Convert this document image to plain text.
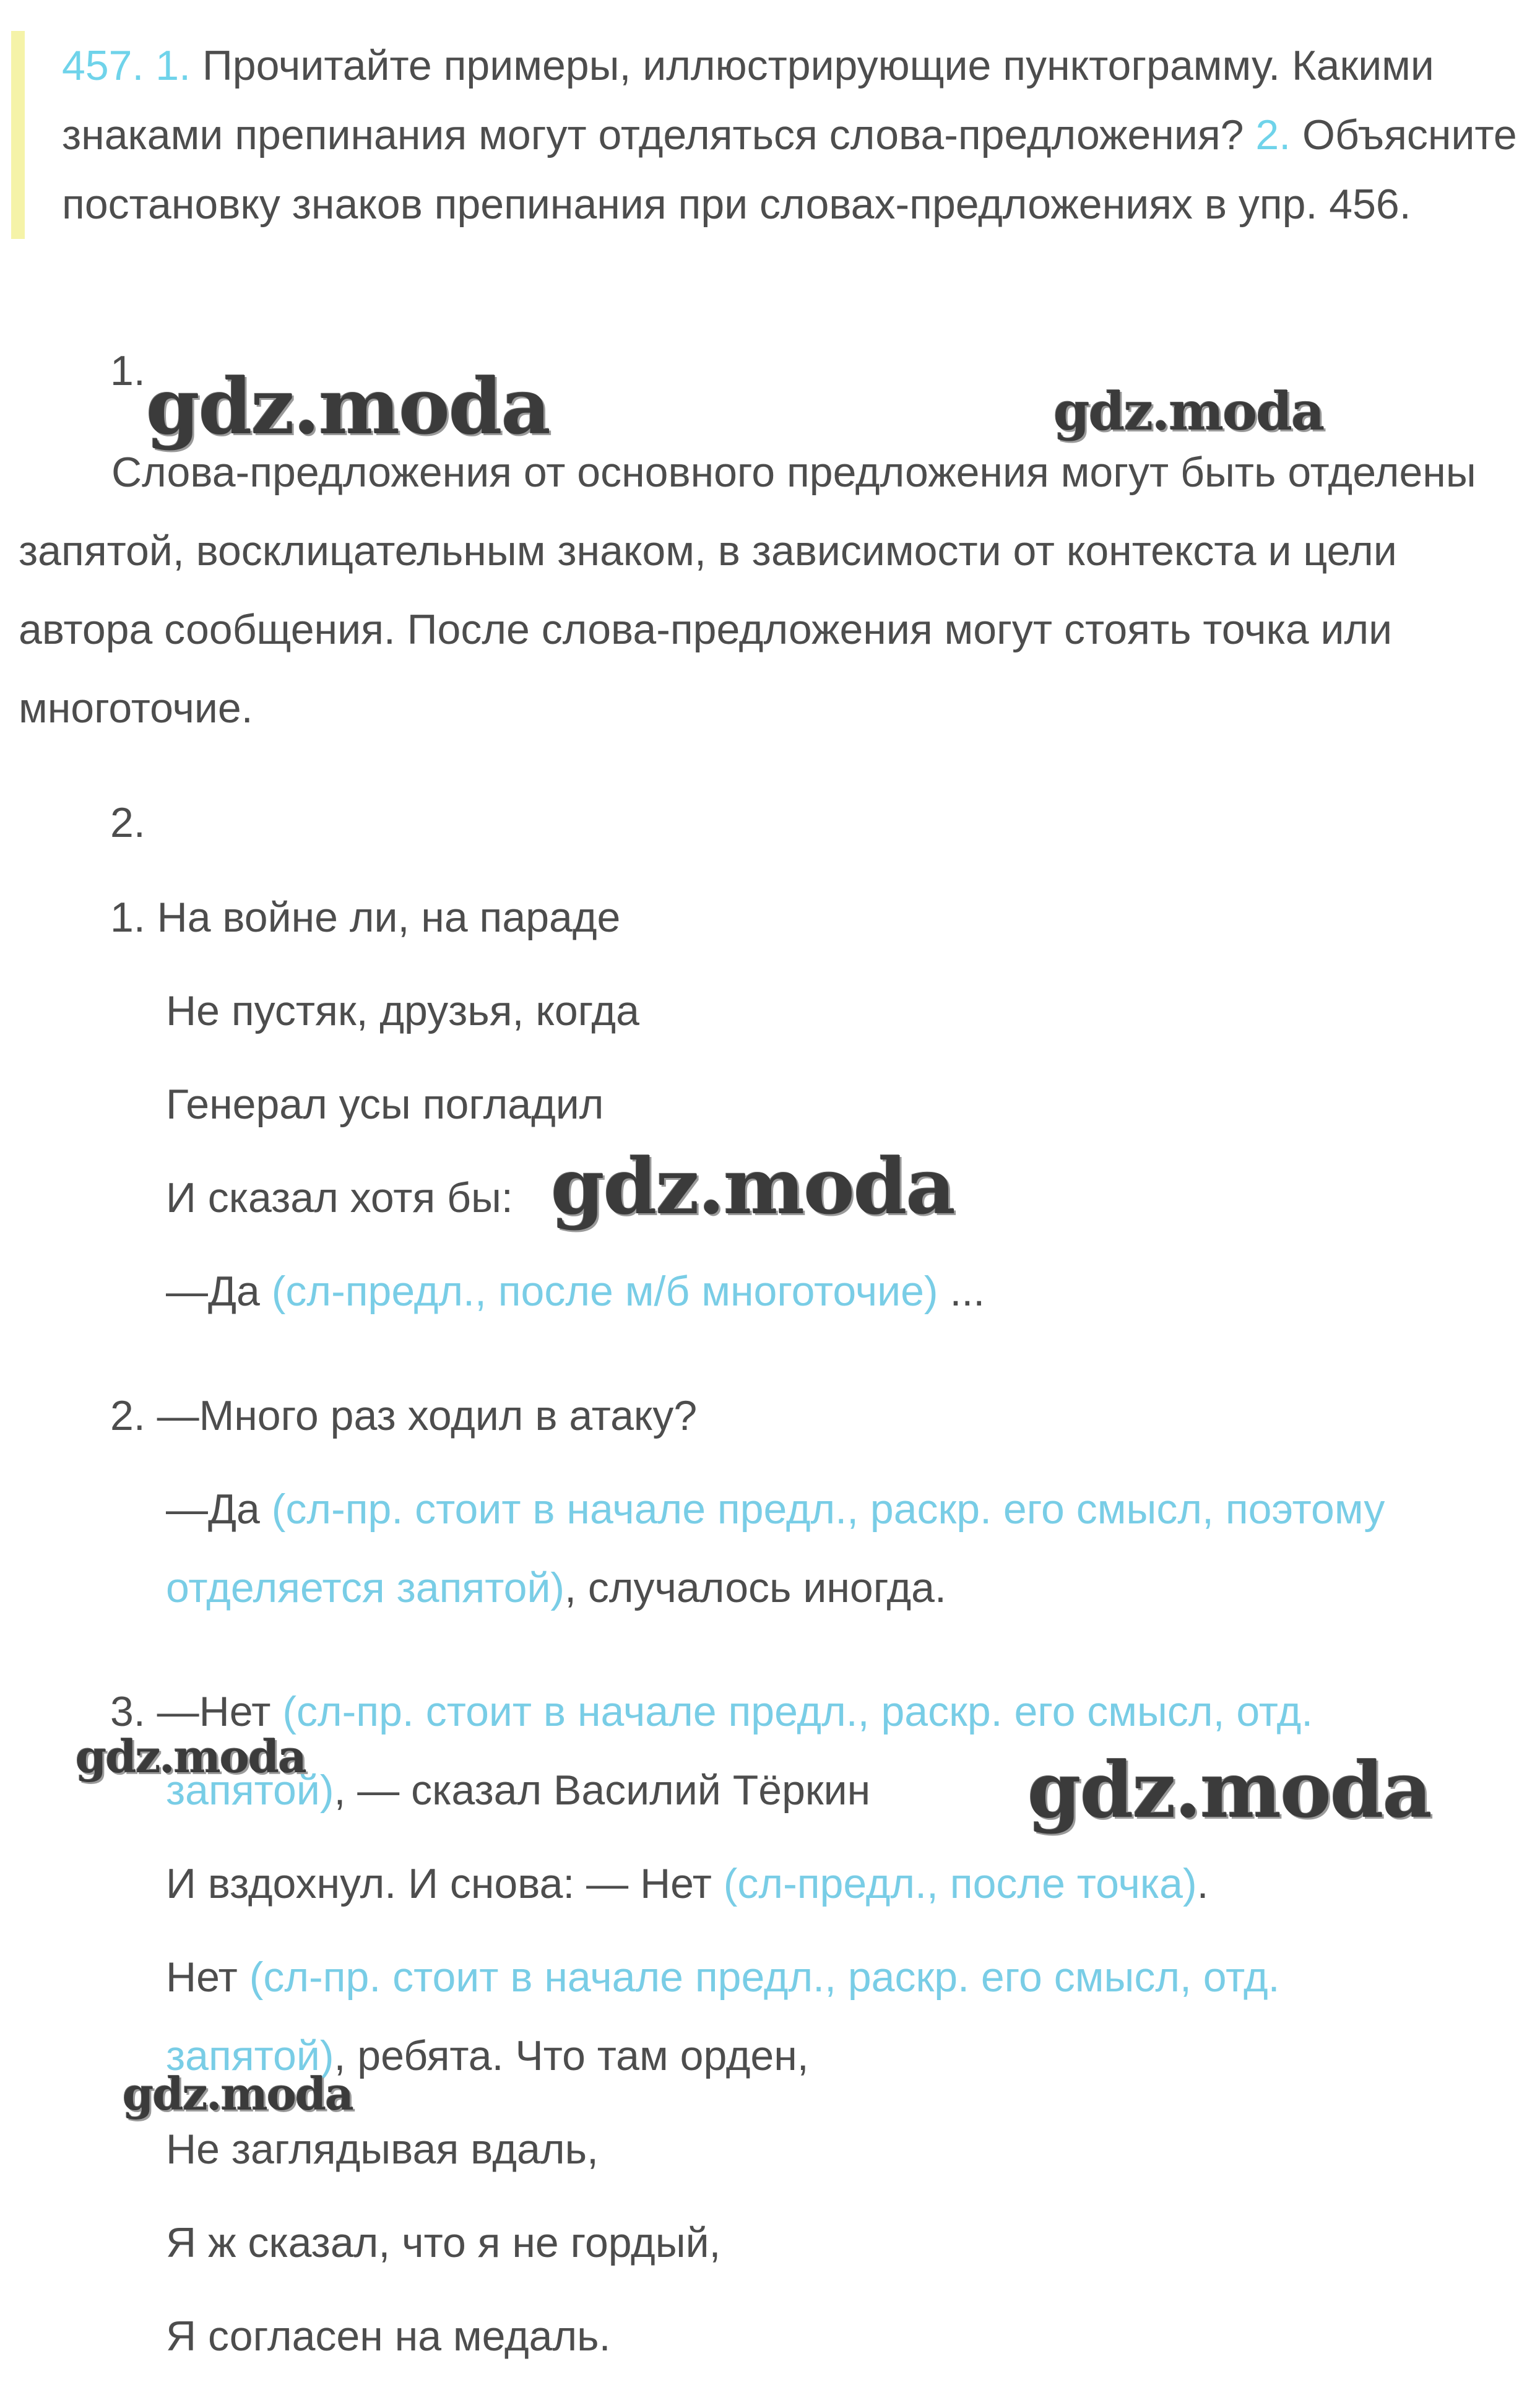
457. 1. Прочитайте примеры, иллюстрирующие пунктограмму. Какими знаками препинания могут отделяться слова-предложения? 2. Объясните постановку знаков препинания при словах-предложениях в упр. 456.
1.
Слова-предложения от основного предложения могут быть отделены запятой, восклицательным знаком, в зависимости от контекста и цели автора сообщения. После слова-предложения могут стоять точка или многоточие.
2.
1. На войне ли, на параде
Не пустяк, друзья, когда
Генерал усы погладил
И сказал хотя бы:
—Да (сл-предл., после м/б многоточие) ...
2. —Много раз ходил в атаку?
—Да (сл-пр. стоит в начале предл., раскр. его смысл, поэтому
отделяется запятой), случалось иногда.
3. —Нет (сл-пр. стоит в начале предл., раскр. его смысл, отд.
запятой), — сказал Василий Тёркин
И вздохнул. И снова: — Нет (сл-предл., после точка).
Нет (сл-пр. стоит в начале предл., раскр. его смысл, отд.
запятой), ребята. Что там орден,
Не заглядывая вдаль,
Я ж сказал, что я не гордый,
Я согласен на медаль.
gdz.moda	gdz.moda
gdz.moda
gdz.moda	gdz.moda
gdz.moda
